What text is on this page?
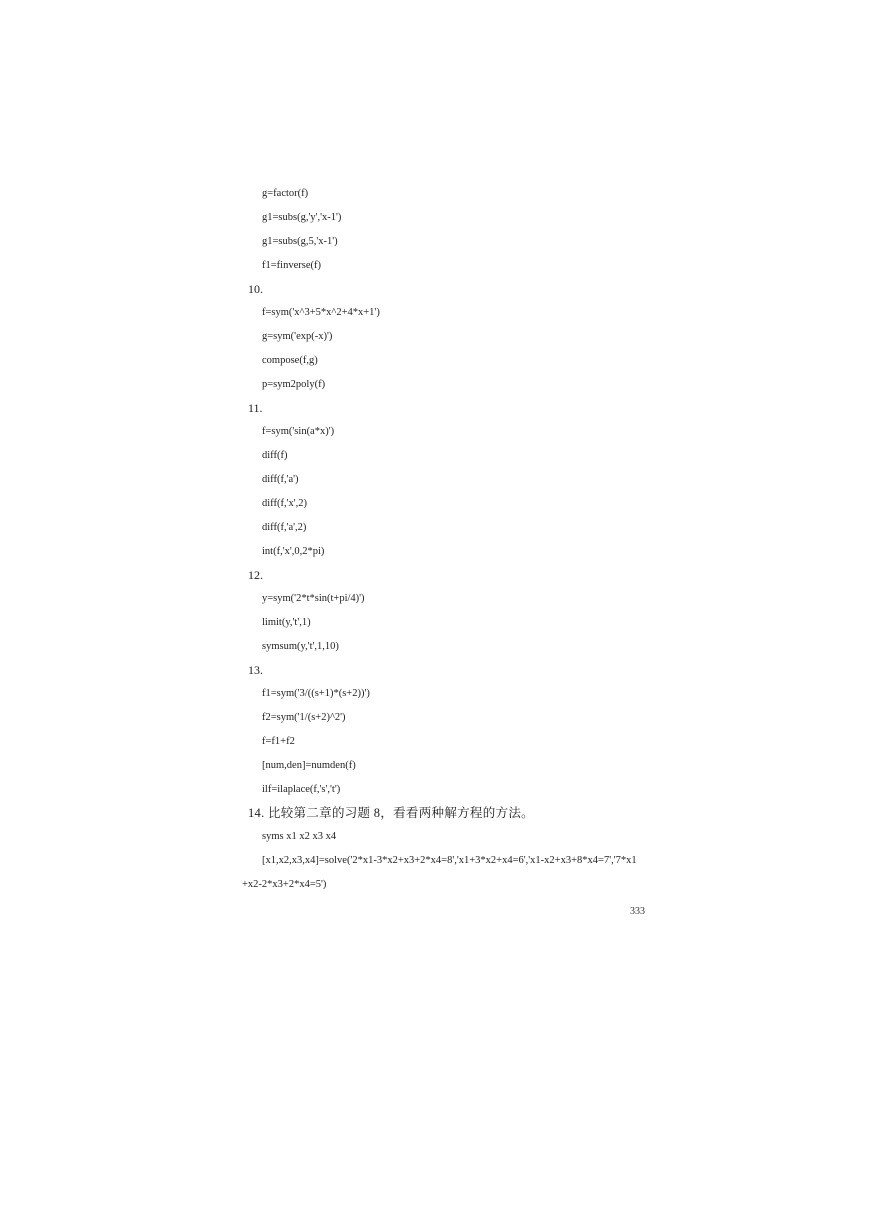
g=factor(f)
g1=subs(g,'y','x-1')
g1=subs(g,5,'x-1')
f1=finverse(f)
10.
f=sym('x^3+5*x^2+4*x+1')
g=sym('exp(-x)')
compose(f,g)
p=sym2poly(f)
11.
f=sym('sin(a*x)')
diff(f)
diff(f,'a')
diff(f,'x',2)
diff(f,'a',2)
int(f,'x',0,2*pi)
12.
y=sym('2*t*sin(t+pi/4)')
limit(y,'t',1)
symsum(y,'t',1,10)
13.
f1=sym('3/((s+1)*(s+2))')
f2=sym('1/(s+2)^2')
f=f1+f2
[num,den]=numden(f)
ilf=ilaplace(f,'s','t')
14. 比较第二章的习题 8，看看两种解方程的方法。
syms x1 x2 x3 x4
[x1,x2,x3,x4]=solve('2*x1-3*x2+x3+2*x4=8','x1+3*x2+x4=6','x1-x2+x3+8*x4=7','7*x1
+x2-2*x3+2*x4=5')
333
